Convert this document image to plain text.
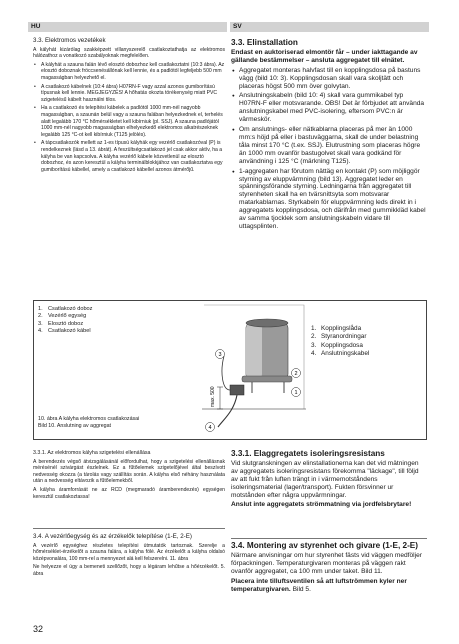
HU	SV
3.3. Elektromos vezetékek

A kályhát kizárólag szakképzett villanyszerelő csatlakoztathatja az elektromos hálózathoz a vonatkozó szabályoknak megfelelően.

• A kályhát a szauna falán lévő elosztó dobozhoz kell csatlakoztatni (10:3 ábra). Az elosztó doboznak fröccsenésállónak kell lennie, és a padlótól legfeljebb 500 mm magasságban helyezhető el.
• A csatlakozó kábelnek (10:4 ábra) H07RN-F vagy azzal azonos gumiborítású típusnak kell lennie. MEGJEGYZÉS! A hőhatás okozta törékenység miatt PVC szigetelésű kábelt használni tilos.
• Ha a csatlakozó és telepítési kábelek a padlótól 1000 mm-nél nagyobb magasságban, a szaunán belül vagy a szauna falában helyezkednek el, terhelés alatt legalább 170 °C hőmérsékletet kell kibírniuk (pl. SSJ). A szauna padlójától 1000 mm-nél nagyobb magasságban elhelyezkedő elektromos alkatrészeknek legalább 125 °C-ot kell kibírniuk (T125 jelölés).
• A tápcsatlakozók mellett az 1-es típusú kályhák egy vezérlő csatlakozóval (P) is rendelkeznek (lásd a 13. ábrát). A feszültségcsatlakozó jel csak akkor aktív, ha a kályha be van kapcsolva. A kályha vezérlő kábele közvetlenül az elosztó dobozhoz, és azon keresztül a kályha terminálblokkjához van csatlakoztatva egy gumiborítású kábellel, amely a csatlakozó kábellel azonos átmérőjű.
3.3. Elinstallation

Endast en auktoriserad elmontör får – under iakttagande av gällande bestämmelser – ansluta aggregatet till elnätet.

● Aggregatet monteras halvfast till en kopplingsdosa på bastuns vägg (bild 10: 3). Kopplingsdosan skall vara skoljtätt och placeras högst 500 mm över golvytan.
● Anslutningskabeln (bild 10: 4) skall vara gummikabel typ H07RN-F eller motsvarande. OBS! Det är förbjudet att använda anslutningskabel med PVC-isolering, eftersom PVC:n är värmeskör.
● Om anslutnings- eller nätkablarna placeras på mer än 1000 mm:s höjd på eller i bastuväggarna, skall de under belastning tåla minst 170 °C (t.ex. SSJ). Elutrustning som placeras högre än 1000 mm ovanför bastugolvet skall vara godkänd för användning i 125 °C (märkning T125).
● 1-aggregaten har förutom nättäg en kontakt (P) som möjliggör styrning av eluppvärmning (bild 13). Aggregatet leder en spänningsförande styrning. Ledningarna från aggregatet till styrenheten skall ha en tvärsnittsyta som motsvarar matarkablarnas. Styrkabeln för eluppvärmning leds direkt in i aggregatets kopplingsdosa, och därifrån med gummikkläd kabel av samma tjocklek som anslutningskabeln vidare till uttagsplinten.
1. Csatlakozó doboz
2. Vezérlő egység
3. Elosztó doboz
4. Csatlakozó kábel	1. Kopplingslåda
2. Styranordningar
3. Kopplingsdosa
4. Anslutningskabel
max. 500
3
1
2
4
10. ábra A kályha elektromos csatlakozásai
Bild 10. Anslutning av aggregat
3.3.1. Az elektromos kályha szigetelési ellenállása

A berendezés végső átvizsgálásánál előfordulhat, hogy a szigetelési ellenállásnak mérésénél szivárgást észlelnek. Ez a fűtőelemek szigetelőjével által beszívott nedvesség okozza (a tárolás vagy szállítás során. A kályha első néhány használata után a nedvesség eltávozik a fűtőelemekből.

A kályha áramforrását ne az RCD (megmaradó áramberendezés) egységen keresztül csatlakoztassa!

3.4. A vezérlőegység és az érzékelők telepítése (1-E, 2-E)

A vezérlő egységhez részletes telepítési útmutatók tartoznak. Szerelje a hőmérséklet-érzékelőt a szauna falára, a kályha fölé. Az érzékelőt a kályha oldalsó középvonalára, 100 mm-rel a mennyezet alá kell felszerelni. 11. ábra

Ne helyezze el úgy a bemeneti szellőzőt, hogy a légáram lehűtse a hőérzékelőt. 5. ábra

3.3.1. Elaggregatets isoleringsresistans

Vid slutgranskningen av elinstallationerna kan det vid mätningen av aggregatets isoleringsresistans förekomma "läckage", till följd av att fukt från luften trängt in i värmemotståndens isoleringsmaterial (lager/transport). Fukten försvinner ur motstånden efter några uppvärmningar.

Anslut inte aggregatets strömmatning via jordfelsbrytare!

3.4. Montering av styrenhet och givare (1-E, 2-E)

Närmare anvisningar om hur styrenhet fästs vid väggen medföljer förpackningen. Temperaturgivaren monteras på väggen rakt ovanför aggregatet, ca 100 mm under taket. Bild 11.

Placera inte tilluftsventilen så att luftströmmen kyler ner temperaturgivaren. Bild 5.

32
